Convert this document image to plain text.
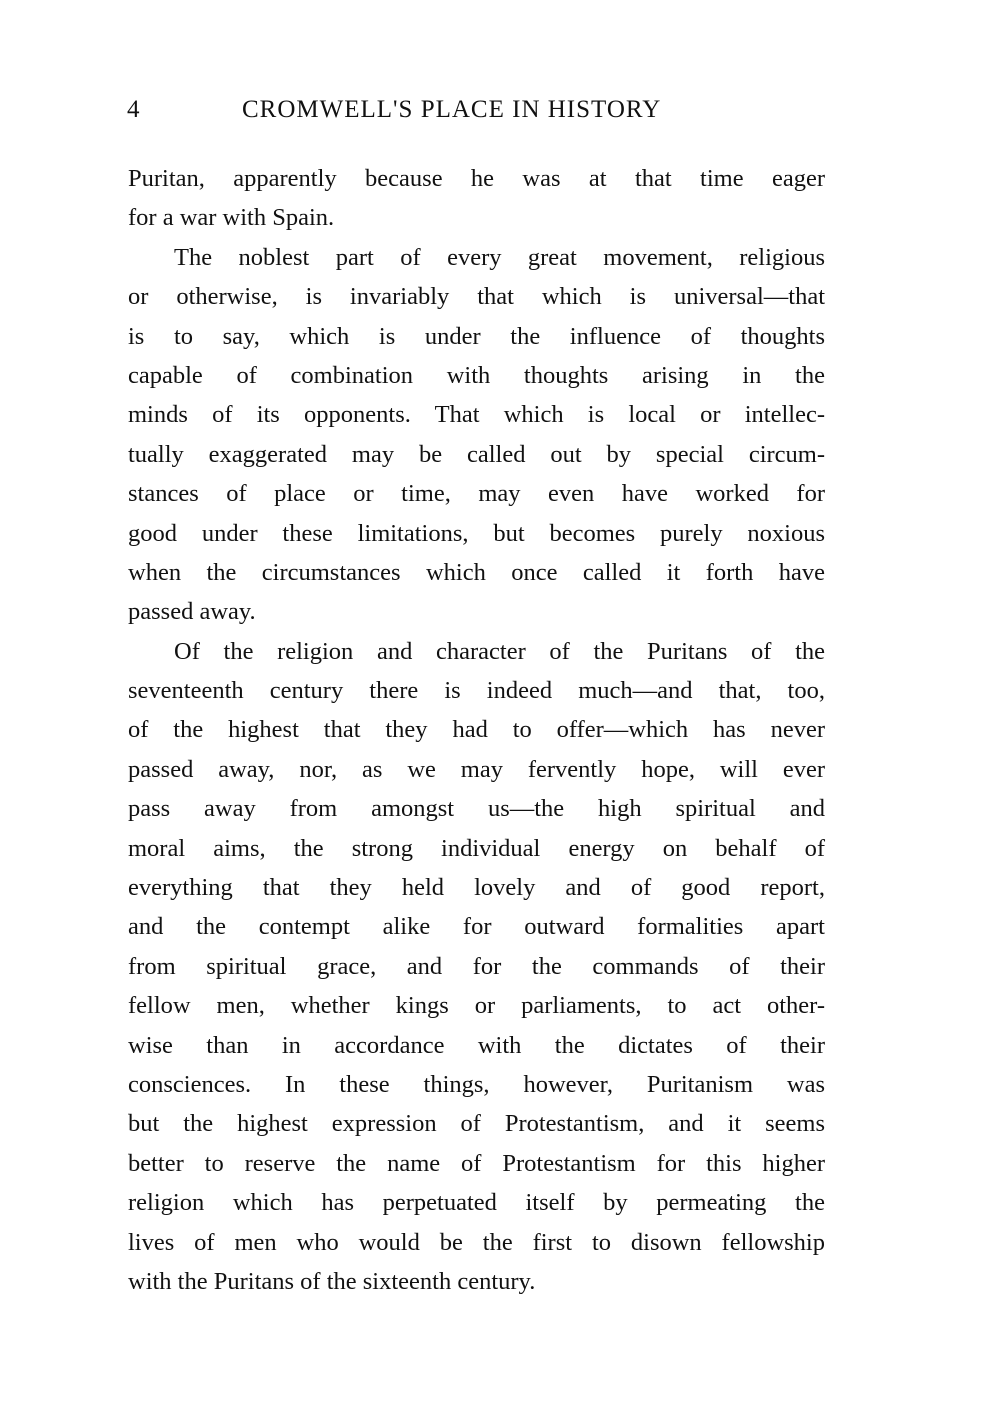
4	CROMWELL'S PLACE IN HISTORY
Puritan, apparently because he was at that time eager
for a war with Spain.
The noblest part of every great movement, religious
or otherwise, is invariably that which is universal—that
is to say, which is under the influence of thoughts
capable of combination with thoughts arising in the
minds of its opponents. That which is local or intellec-
tually exaggerated may be called out by special circum-
stances of place or time, may even have worked for
good under these limitations, but becomes purely noxious
when the circumstances which once called it forth have
passed away.
Of the religion and character of the Puritans of the
seventeenth century there is indeed much—and that, too,
of the highest that they had to offer—which has never
passed away, nor, as we may fervently hope, will ever
pass away from amongst us—the high spiritual and
moral aims, the strong individual energy on behalf of
everything that they held lovely and of good report,
and the contempt alike for outward formalities apart
from spiritual grace, and for the commands of their
fellow men, whether kings or parliaments, to act other-
wise than in accordance with the dictates of their
consciences. In these things, however, Puritanism was
but the highest expression of Protestantism, and it seems
better to reserve the name of Protestantism for this higher
religion which has perpetuated itself by permeating the
lives of men who would be the first to disown fellowship
with the Puritans of the sixteenth century.
